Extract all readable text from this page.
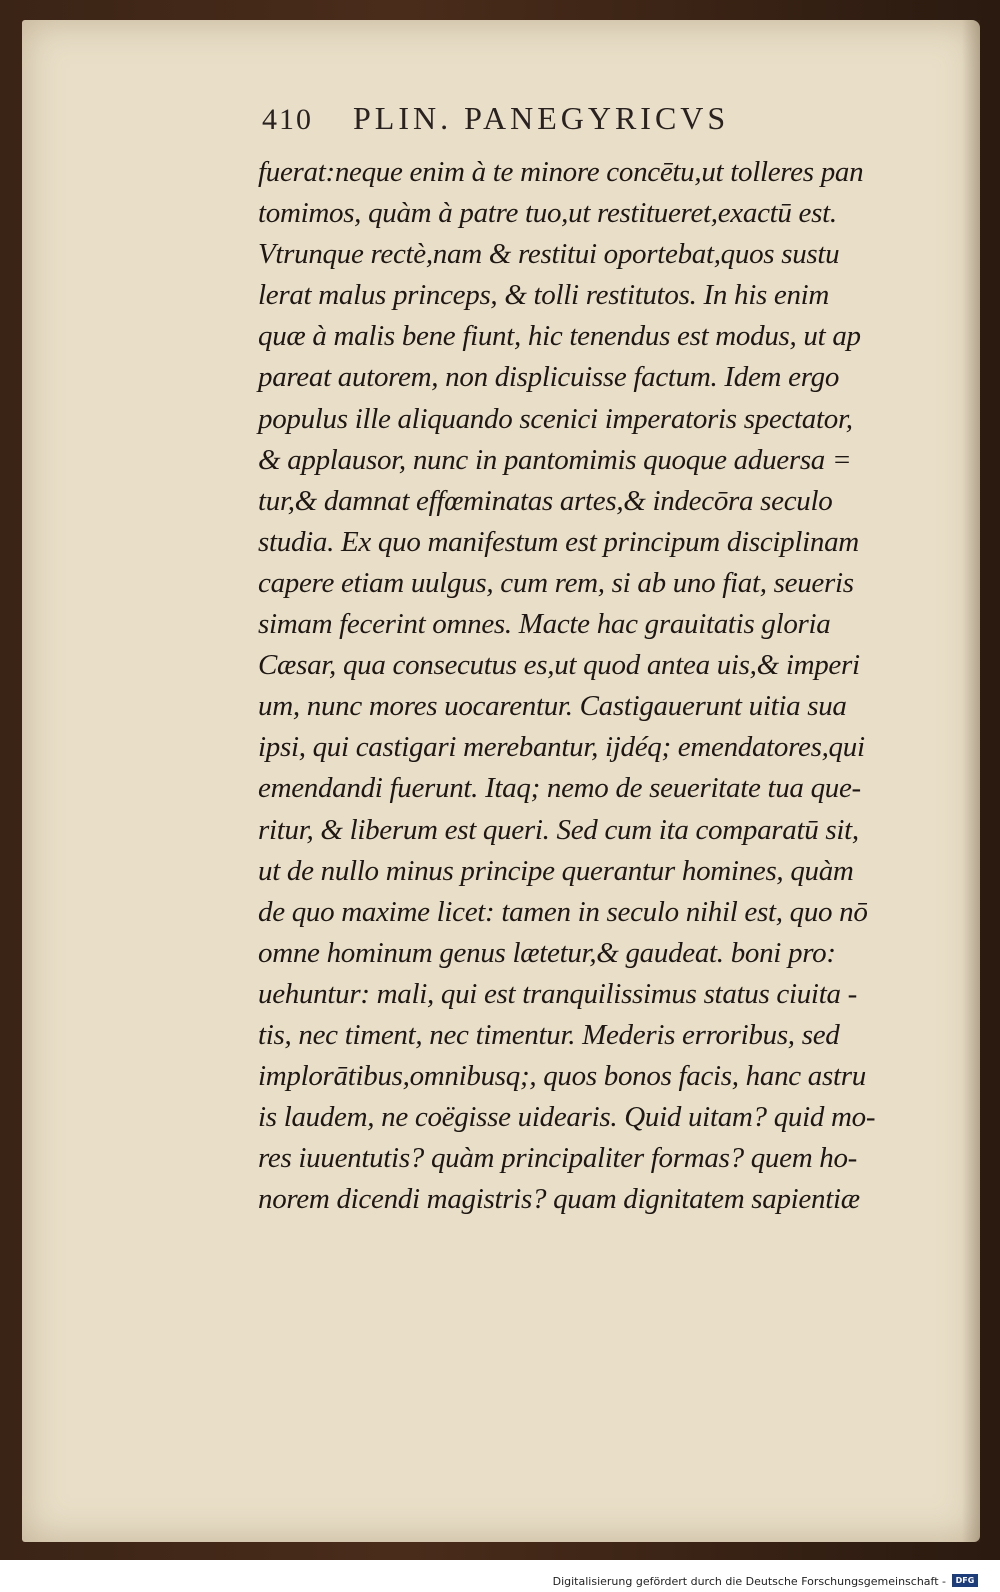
410 PLIN. PANEGYRICVS
fuerat:neque enim à te minore concētu,ut tolleres pan
tomimos, quàm à patre tuo,ut restitueret,exactū est.
Vtrunque rectè,nam & restitui oportebat,quos sustu
lerat malus princeps, & tolli restitutos. In his enim
quæ à malis bene fiunt, hic tenendus est modus, ut ap
pareat autorem, non displicuisse factum. Idem ergo
populus ille aliquando scenici imperatoris spectator,
& applausor, nunc in pantomimis quoque aduersa =
tur,& damnat effœminatas artes,& indecōra seculo
studia. Ex quo manifestum est principum disciplinam
capere etiam uulgus, cum rem, si ab uno fiat, seueris
simam fecerint omnes. Macte hac grauitatis gloria
Cæsar, qua consecutus es,ut quod antea uis,& imperi
um, nunc mores uocarentur. Castigauerunt uitia sua
ipsi, qui castigari merebantur, ijdéq; emendatores,qui
emendandi fuerunt. Itaq; nemo de seueritate tua que-
ritur, & liberum est queri. Sed cum ita comparatū sit,
ut de nullo minus principe querantur homines, quàm
de quo maxime licet: tamen in seculo nihil est, quo nō
omne hominum genus lætetur,& gaudeat. boni pro:
uehuntur: mali, qui est tranquilissimus status ciuita -
tis, nec timent, nec timentur. Mederis erroribus, sed
implorātibus,omnibusq;, quos bonos facis, hanc astru
is laudem, ne coëgisse uidearis. Quid uitam? quid mo-
res iuuentutis? quàm principaliter formas? quem ho-
norem dicendi magistris? quam dignitatem sapientiæ
Digitalisierung gefördert durch die Deutsche Forschungsgemeinschaft -	DFG
